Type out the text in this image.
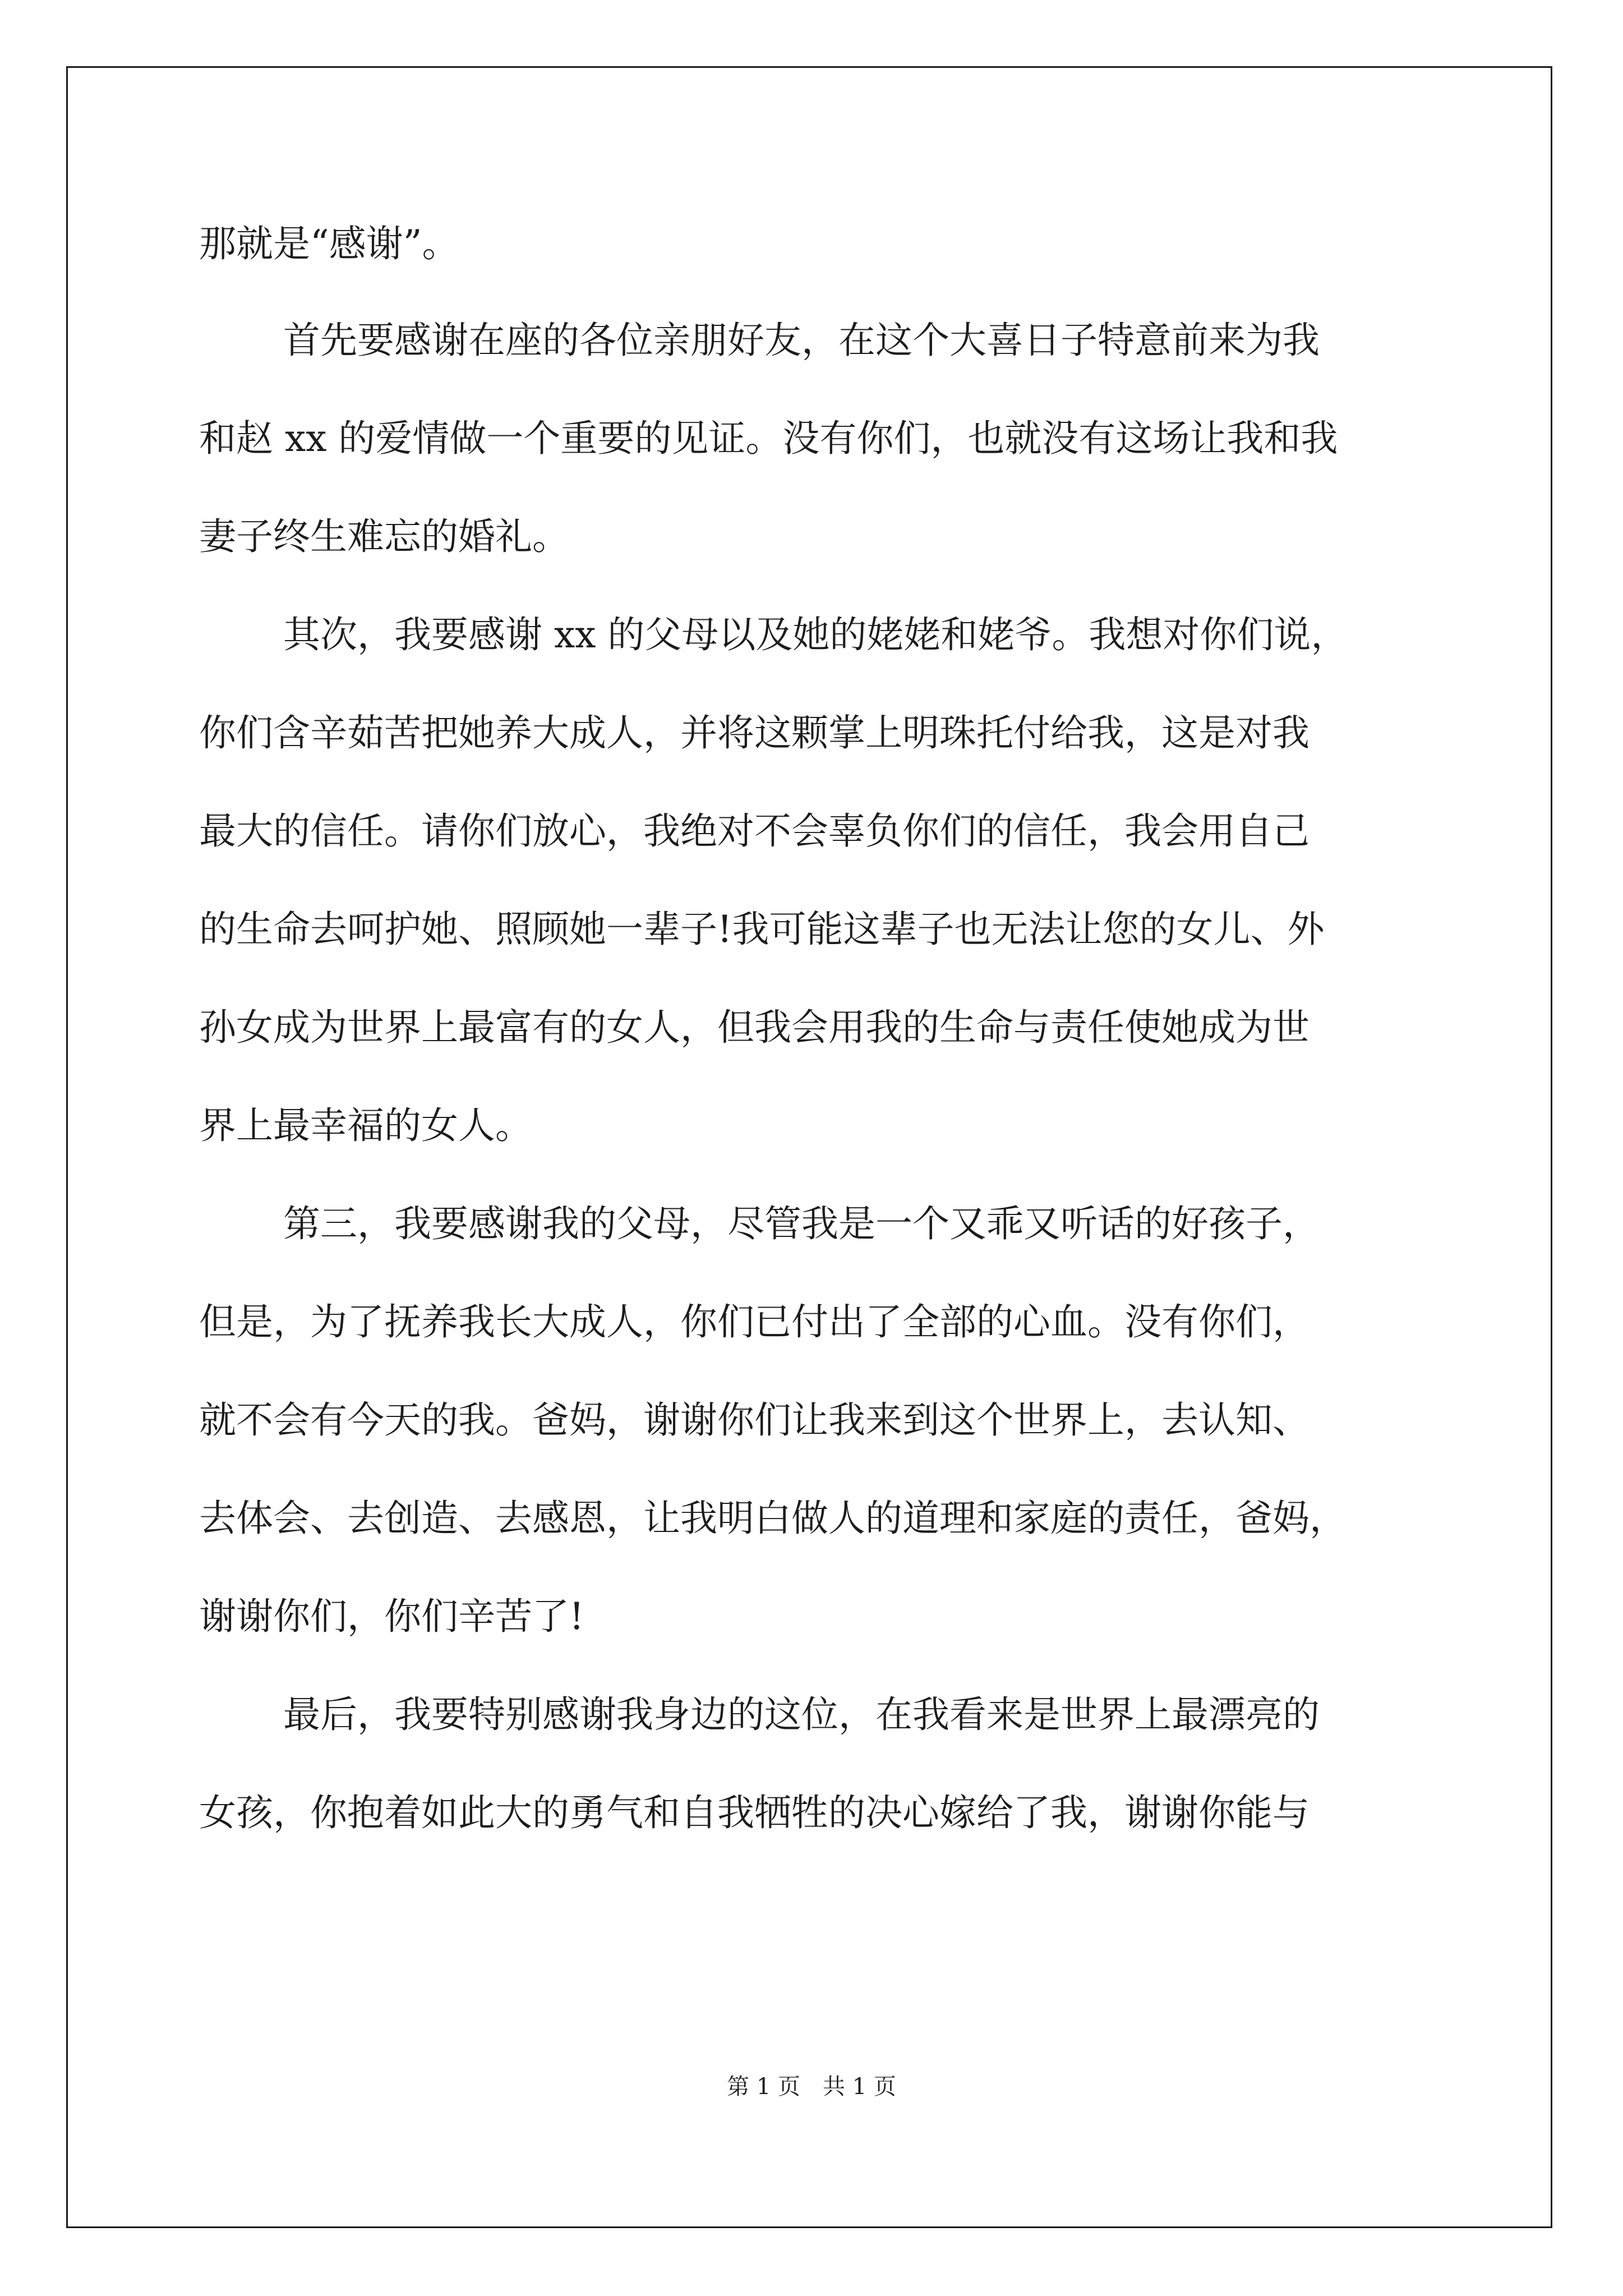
那就是“感谢”。
首先要感谢在座的各位亲朋好友，在这个大喜日子特意前来为我
和赵 xx 的爱情做一个重要的见证。没有你们，也就没有这场让我和我
妻子终生难忘的婚礼。
其次，我要感谢 xx 的父母以及她的姥姥和姥爷。我想对你们说，
你们含辛茹苦把她养大成人，并将这颗掌上明珠托付给我，这是对我
最大的信任。请你们放心，我绝对不会辜负你们的信任，我会用自己
的生命去呵护她、照顾她一辈子!我可能这辈子也无法让您的女儿、外
孙女成为世界上最富有的女人，但我会用我的生命与责任使她成为世
界上最幸福的女人。
第三，我要感谢我的父母，尽管我是一个又乖又听话的好孩子，
但是，为了抚养我长大成人，你们已付出了全部的心血。没有你们，
就不会有今天的我。爸妈，谢谢你们让我来到这个世界上，去认知、
去体会、去创造、去感恩，让我明白做人的道理和家庭的责任，爸妈，
谢谢你们，你们辛苦了!
最后，我要特别感谢我身边的这位，在我看来是世界上最漂亮的
女孩，你抱着如此大的勇气和自我牺牲的决心嫁给了我，谢谢你能与
第 1 页　共 1 页
